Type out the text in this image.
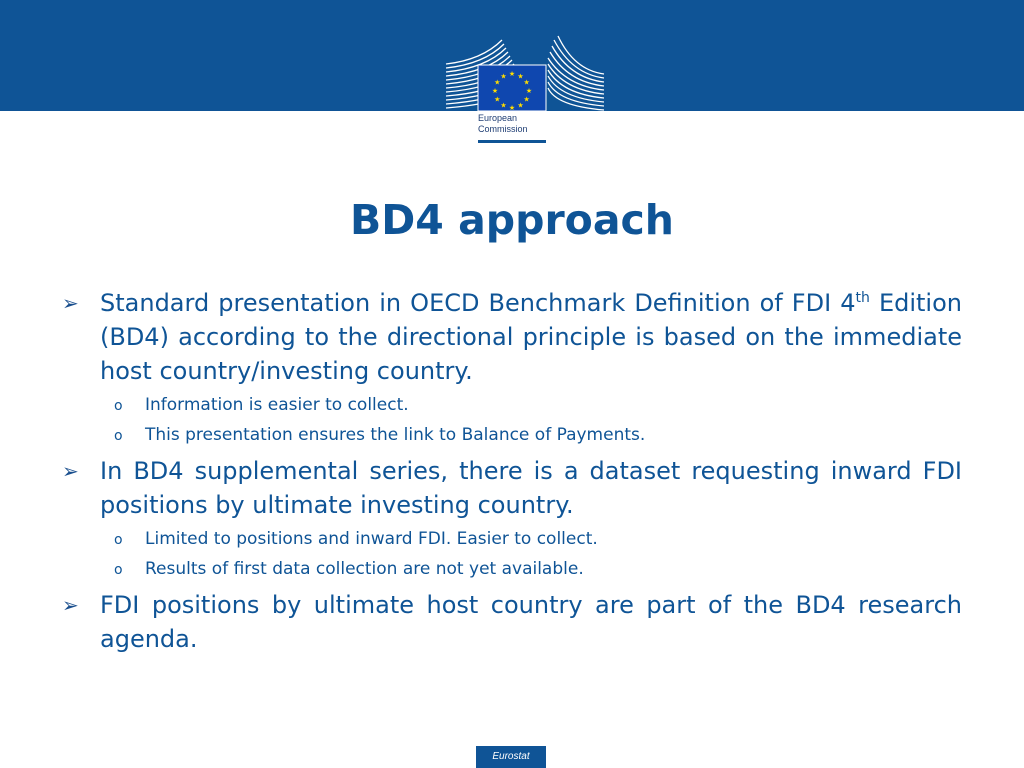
★ ★
★
★
★
★
★
★
★
★
★
★
European
Commission
BD4 approach
➢ Standard presentation in OECD Benchmark Definition of FDI 4th Edition (BD4) according to the directional principle is based on the immediate host country/investing country.
o Information is easier to collect.
o This presentation ensures the link to Balance of Payments.
➢ In BD4 supplemental series, there is a dataset requesting inward FDI positions by ultimate investing country.
o Limited to positions and inward FDI. Easier to collect.
o Results of first data collection are not yet available.
➢ FDI positions by ultimate host country are part of the BD4 research agenda.
Eurostat
